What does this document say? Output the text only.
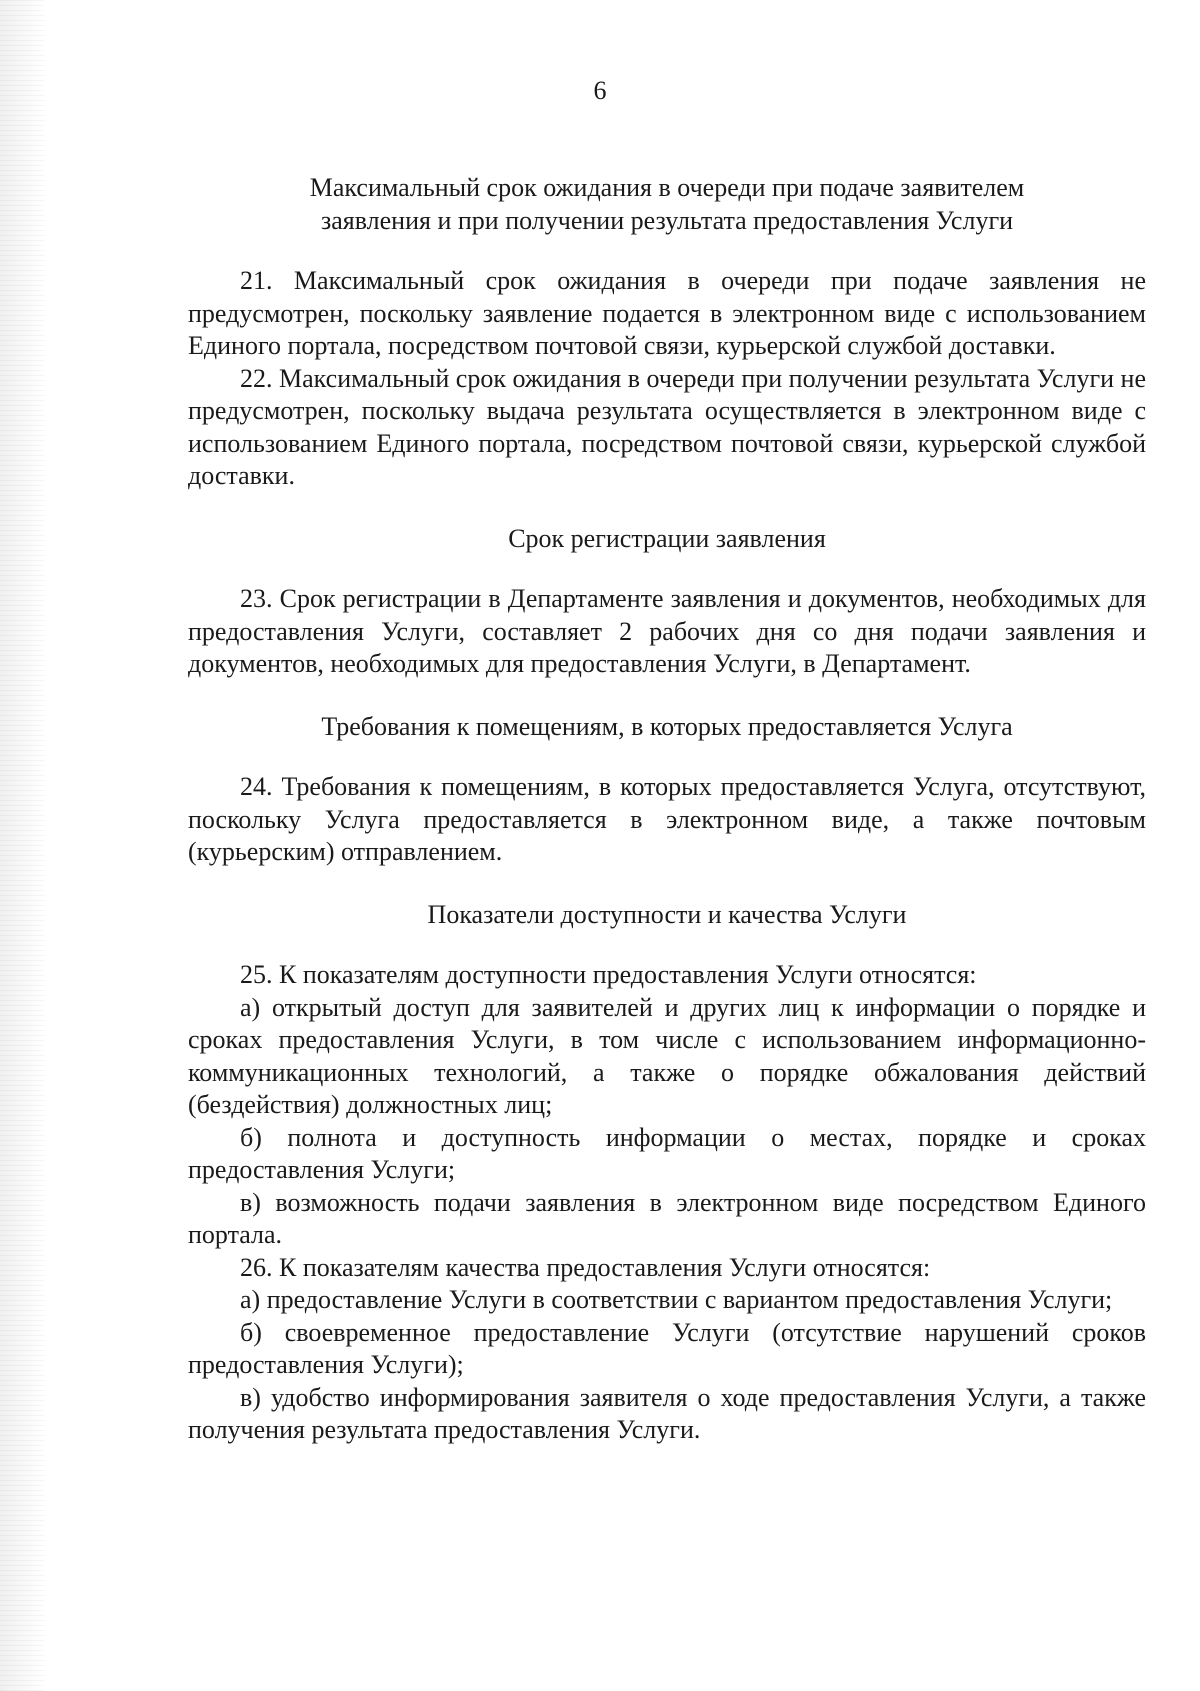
6

Максимальный срок ожидания в очереди при подаче заявителем
заявления и при получении результата предоставления Услуги

21. Максимальный срок ожидания в очереди при подаче заявления не предусмотрен, поскольку заявление подается в электронном виде с использованием Единого портала, посредством почтовой связи, курьерской службой доставки.

22. Максимальный срок ожидания в очереди при получении результата Услуги не предусмотрен, поскольку выдача результата осуществляется в электронном виде с использованием Единого портала, посредством почтовой связи, курьерской службой доставки.

Срок регистрации заявления

23. Срок регистрации в Департаменте заявления и документов, необходимых для предоставления Услуги, составляет 2 рабочих дня со дня подачи заявления и документов, необходимых для предоставления Услуги, в Департамент.

Требования к помещениям, в которых предоставляется Услуга

24. Требования к помещениям, в которых предоставляется Услуга, отсутствуют, поскольку Услуга предоставляется в электронном виде, а также почтовым (курьерским) отправлением.

Показатели доступности и качества Услуги

25. К показателям доступности предоставления Услуги относятся:

а) открытый доступ для заявителей и других лиц к информации о порядке и сроках предоставления Услуги, в том числе с использованием информационно-коммуникационных технологий, а также о порядке обжалования действий (бездействия) должностных лиц;

б) полнота и доступность информации о местах, порядке и сроках предоставления Услуги;

в) возможность подачи заявления в электронном виде посредством Единого портала.

26. К показателям качества предоставления Услуги относятся:

а) предоставление Услуги в соответствии с вариантом предоставления Услуги;

б) своевременное предоставление Услуги (отсутствие нарушений сроков предоставления Услуги);

в) удобство информирования заявителя о ходе предоставления Услуги, а также получения результата предоставления Услуги.
